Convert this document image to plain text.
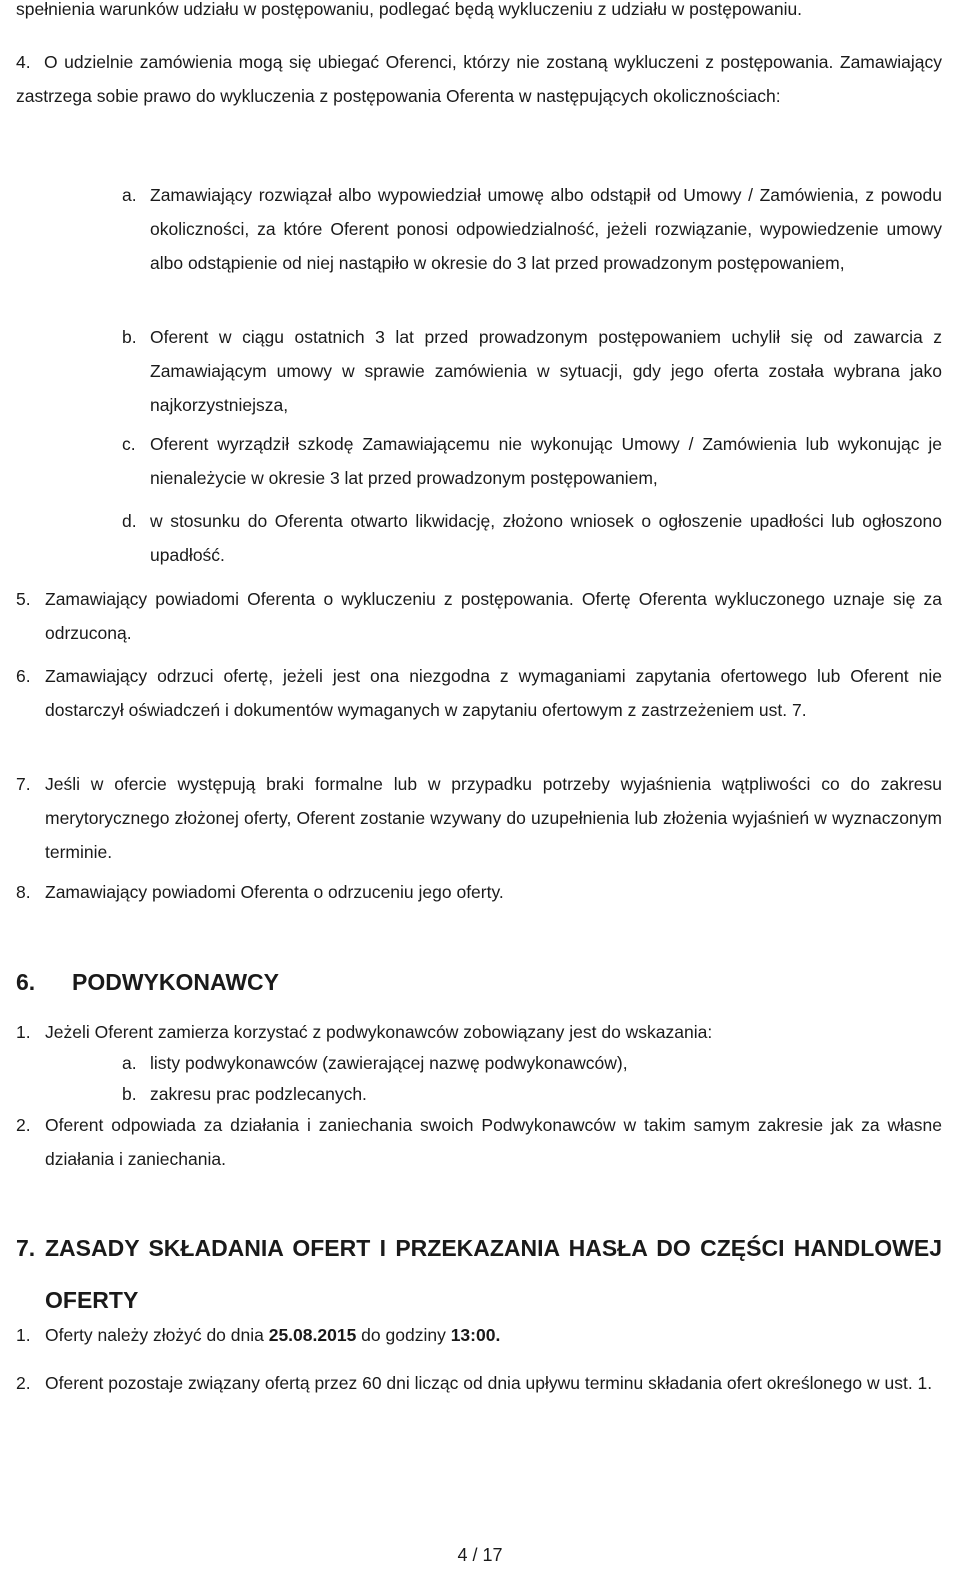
spełnienia warunków udziału w postępowaniu, podlegać będą wykluczeniu z udziału w postępowaniu.

4. O udzielnie zamówienia mogą się ubiegać Oferenci, którzy nie zostaną wykluczeni z postępowania. Zamawiający zastrzega sobie prawo do wykluczenia z postępowania Oferenta w następujących okolicznościach:

a. Zamawiający rozwiązał albo wypowiedział umowę albo odstąpił od Umowy / Zamówienia, z powodu okoliczności, za które Oferent ponosi odpowiedzialność, jeżeli rozwiązanie, wypowiedzenie umowy albo odstąpienie od niej nastąpiło w okresie do 3 lat przed prowadzonym postępowaniem,

b. Oferent w ciągu ostatnich 3 lat przed prowadzonym postępowaniem uchylił się od zawarcia z Zamawiającym umowy w sprawie zamówienia w sytuacji, gdy jego oferta została wybrana jako najkorzystniejsza,

c. Oferent wyrządził szkodę Zamawiającemu nie wykonując Umowy / Zamówienia lub wykonując je nienależycie w okresie 3 lat przed prowadzonym postępowaniem,

d. w stosunku do Oferenta otwarto likwidację, złożono wniosek o ogłoszenie upadłości lub ogłoszono upadłość.

5. Zamawiający powiadomi Oferenta o wykluczeniu z postępowania. Ofertę Oferenta wykluczonego uznaje się za odrzuconą.

6. Zamawiający odrzuci ofertę, jeżeli jest ona niezgodna z wymaganiami zapytania ofertowego lub Oferent nie dostarczył oświadczeń i dokumentów wymaganych w zapytaniu ofertowym z zastrzeżeniem ust. 7.

7. Jeśli w ofercie występują braki formalne lub w przypadku potrzeby wyjaśnienia wątpliwości co do zakresu merytorycznego złożonej oferty, Oferent zostanie wzywany do uzupełnienia lub złożenia wyjaśnień w wyznaczonym terminie.

8. Zamawiający powiadomi Oferenta o odrzuceniu jego oferty.

6. PODWYKONAWCY

1. Jeżeli Oferent zamierza korzystać z podwykonawców zobowiązany jest do wskazania:

a. listy podwykonawców (zawierającej nazwę podwykonawców),

b. zakresu prac podzlecanych.

2. Oferent odpowiada za działania i zaniechania swoich Podwykonawców w takim samym zakresie jak za własne działania i zaniechania.

7. ZASADY SKŁADANIA OFERT I PRZEKAZANIA HASŁA DO CZĘŚCI HANDLOWEJ OFERTY

1. Oferty należy złożyć do dnia 25.08.2015 do godziny 13:00.

2. Oferent pozostaje związany ofertą przez 60 dni licząc od dnia upływu terminu składania ofert określonego w ust. 1.

4 / 17
